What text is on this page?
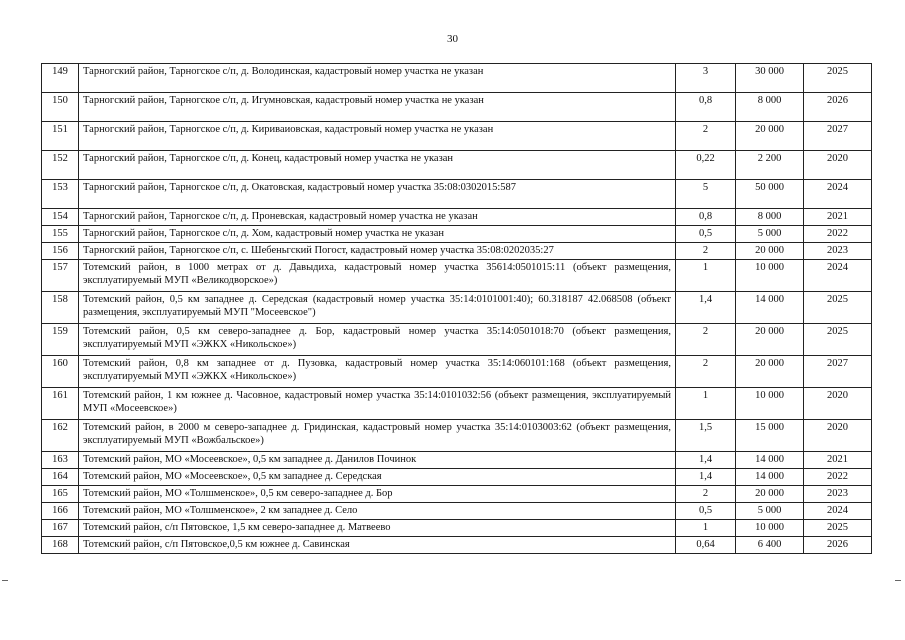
30
149	Тарногский район, Тарногское с/п, д. Володинская, кадастровый номер участка не указан	3	30 000	2025
150	Тарногский район, Тарногское с/п, д. Игумновская, кадастровый номер участка не указан	0,8	8 000	2026
151	Тарногский район, Тарногское с/п, д. Кириваиовская, кадастровый номер участка не указан	2	20 000	2027
152	Тарногский район, Тарногское с/п, д. Конец, кадастровый номер участка не указан	0,22	2 200	2020
153	Тарногский район, Тарногское с/п, д. Окатовская, кадастровый номер участка 35:08:0302015:587	5	50 000	2024
154	Тарногский район, Тарногское с/п, д. Проневская, кадастровый номер участка не указан	0,8	8 000	2021
155	Тарногский район, Тарногское с/п, д. Хом, кадастровый номер участка не указан	0,5	5 000	2022
156	Тарногский район, Тарногское с/п, с. Шебеньгский Погост, кадастровый номер участка 35:08:0202035:27	2	20 000	2023
157	Тотемский район, в 1000 метрах от д. Давыдиха, кадастровый номер участка 35614:0501015:11 (объект размещения, эксплуатируемый МУП «Великодворское»)	1	10 000	2024
158	Тотемский район, 0,5 км западнее д. Середская (кадастровый номер участка 35:14:0101001:40); 60.318187 42.068508 (объект размещения, эксплуатируемый МУП "Мосеевское")	1,4	14 000	2025
159	Тотемский район, 0,5 км северо-западнее д. Бор, кадастровый номер участка 35:14:0501018:70 (объект размещения, эксплуатируемый МУП «ЭЖКХ «Никольское»)	2	20 000	2025
160	Тотемский район, 0,8 км западнее от д. Пузовка, кадастровый номер участка 35:14:060101:168 (объект размещения, эксплуатируемый МУП «ЭЖКХ «Никольское»)	2	20 000	2027
161	Тотемский район, 1 км южнее д. Часовное, кадастровый номер участка 35:14:0101032:56 (объект размещения, эксплуатируемый МУП «Мосеевское»)	1	10 000	2020
162	Тотемский район, в 2000 м северо-западнее д. Гридинская, кадастровый номер участка 35:14:0103003:62 (объект размещения, эксплуатируемый МУП «Вожбальское»)	1,5	15 000	2020
163	Тотемский район, МО «Мосеевское», 0,5 км западнее д. Данилов Починок	1,4	14 000	2021
164	Тотемский район, МО «Мосеевское», 0,5 км западнее д. Середская	1,4	14 000	2022
165	Тотемский район, МО «Толшменское», 0,5 км северо-западнее д. Бор	2	20 000	2023
166	Тотемский район, МО «Толшменское», 2 км западнее д. Село	0,5	5 000	2024
167	Тотемский район, с/п Пятовское, 1,5 км северо-западнее д. Матвеево	1	10 000	2025
168	Тотемский район, с/п Пятовское,0,5 км южнее д. Савинская	0,64	6 400	2026
